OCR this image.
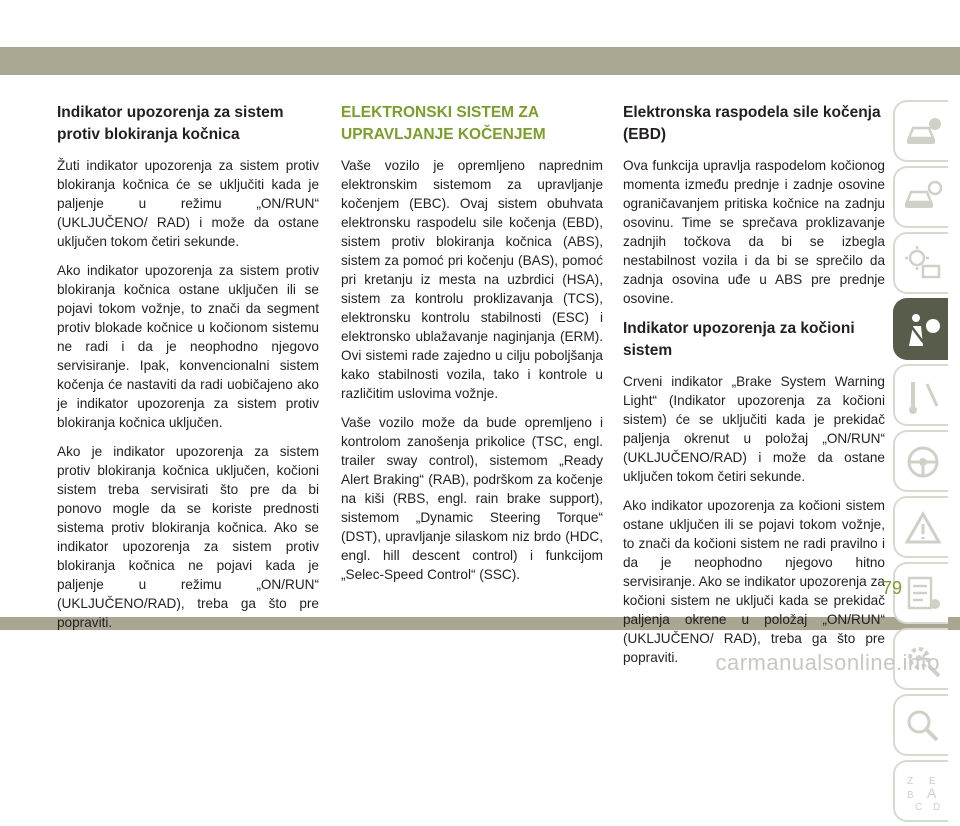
Indikator upozorenja za sistem protiv blokiranja kočnica

Žuti indikator upozorenja za sistem protiv blokiranja kočnica će se uključiti kada je paljenje u režimu „ON/RUN“ (UKLJUČENO/ RAD) i može da ostane uključen tokom četiri sekunde.

Ako indikator upozorenja za sistem protiv blokiranja kočnica ostane uključen ili se pojavi tokom vožnje, to znači da segment protiv blokade kočnice u kočionom sistemu ne radi i da je neophodno njegovo servisiranje. Ipak, konvencionalni sistem kočenja će nastaviti da radi uobičajeno ako je indikator upozorenja za sistem protiv blokiranja kočnica uključen.

Ako je indikator upozorenja za sistem protiv blokiranja kočnica uključen, kočioni sistem treba servisirati što pre da bi ponovo mogle da se koriste prednosti sistema protiv blokiranja kočnica. Ako se indikator upozorenja za sistem protiv blokiranja kočnica ne pojavi kada je paljenje u režimu „ON/RUN“ (UKLJUČENO/RAD), treba ga što pre popraviti.

ELEKTRONSKI SISTEM ZA UPRAVLJANJE KOČENJEM

Vaše vozilo je opremljeno naprednim elektronskim sistemom za upravljanje kočenjem (EBC). Ovaj sistem obuhvata elektronsku raspodelu sile kočenja (EBD), sistem protiv blokiranja kočnica (ABS), sistem za pomoć pri kočenju (BAS), pomoć pri kretanju iz mesta na uzbrdici (HSA), sistem za kontrolu proklizavanja (TCS), elektronsku kontrolu stabilnosti (ESC) i elektronsko ublažavanje naginjanja (ERM). Ovi sistemi rade zajedno u cilju poboljšanja kako stabilnosti vozila, tako i kontrole u različitim uslovima vožnje.

Vaše vozilo može da bude opremljeno i kontrolom zanošenja prikolice (TSC, engl. trailer sway control), sistemom „Ready Alert Braking“ (RAB), podrškom za kočenje na kiši (RBS, engl. rain brake support), sistemom „Dynamic Steering Torque“ (DST), upravljanje silaskom niz brdo (HDC, engl. hill descent control) i funkcijom „Selec-Speed Control“ (SSC).

Elektronska raspodela sile kočenja (EBD)

Ova funkcija upravlja raspodelom kočionog momenta između prednje i zadnje osovine ograničavanjem pritiska kočnice na zadnju osovinu. Time se sprečava proklizavanje zadnjih točkova da bi se izbegla nestabilnost vozila i da bi se sprečilo da zadnja osovina uđe u ABS pre prednje osovine.

Indikator upozorenja za kočioni sistem

Crveni indikator „Brake System Warning Light“ (Indikator upozorenja za kočioni sistem) će se uključiti kada je prekidač paljenja okrenut u položaj „ON/RUN“ (UKLJUČENO/RAD) i može da ostane uključen tokom četiri sekunde.

Ako indikator upozorenja za kočioni sistem ostane uključen ili se pojavi tokom vožnje, to znači da kočioni sistem ne radi pravilno i da je neophodno njegovo hitno servisiranje. Ako se indikator upozorenja za kočioni sistem ne uključi kada se prekidač paljenja okrene u položaj „ON/RUN“ (UKLJUČENO/ RAD), treba ga što pre popraviti.

Z E
B A
C D
79
carmanualsonline.info
